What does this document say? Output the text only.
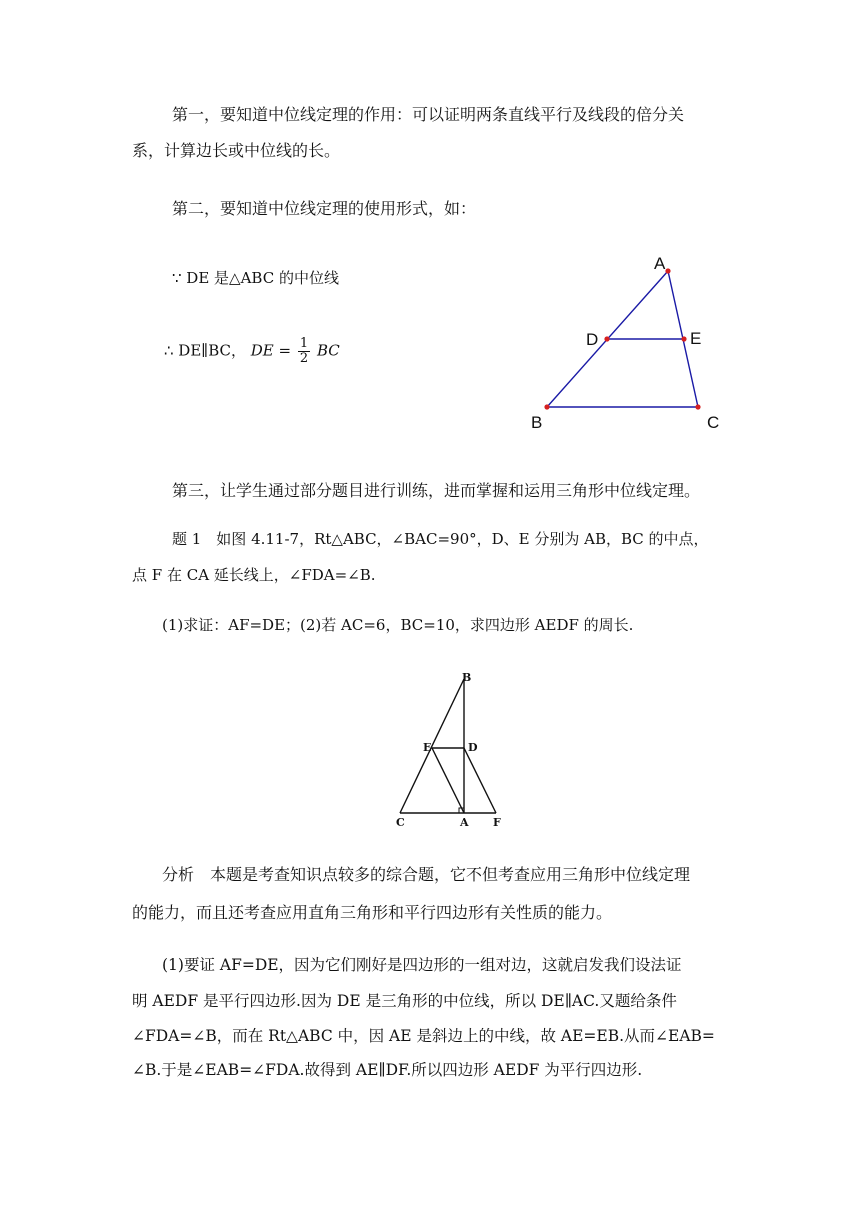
第一，要知道中位线定理的作用：可以证明两条直线平行及线段的倍分关
系，计算边长或中位线的长。
第二，要知道中位线定理的使用形式，如：
∵ DE 是△ABC 的中位线
∴ DE∥BC， DE = $\frac{1}{2}$ BC
A
D	E
B	C
第三，让学生通过部分题目进行训练，进而掌握和运用三角形中位线定理。
题 1　如图 4.11-7，Rt△ABC，∠BAC=90°，D、E 分别为 AB，BC 的中点，
点 F 在 CA 延长线上，∠FDA=∠B.
(1)求证：AF=DE；(2)若 AC=6，BC=10，求四边形 AEDF 的周长.
B
E	D
C	A F
分析　本题是考查知识点较多的综合题，它不但考查应用三角形中位线定理
的能力，而且还考查应用直角三角形和平行四边形有关性质的能力。
(1)要证 AF=DE，因为它们刚好是四边形的一组对边，这就启发我们设法证
明 AEDF 是平行四边形.因为 DE 是三角形的中位线，所以 DE∥AC.又题给条件
∠FDA=∠B，而在 Rt△ABC 中，因 AE 是斜边上的中线，故 AE=EB.从而∠EAB=
∠B.于是∠EAB=∠FDA.故得到 AE∥DF.所以四边形 AEDF 为平行四边形.
